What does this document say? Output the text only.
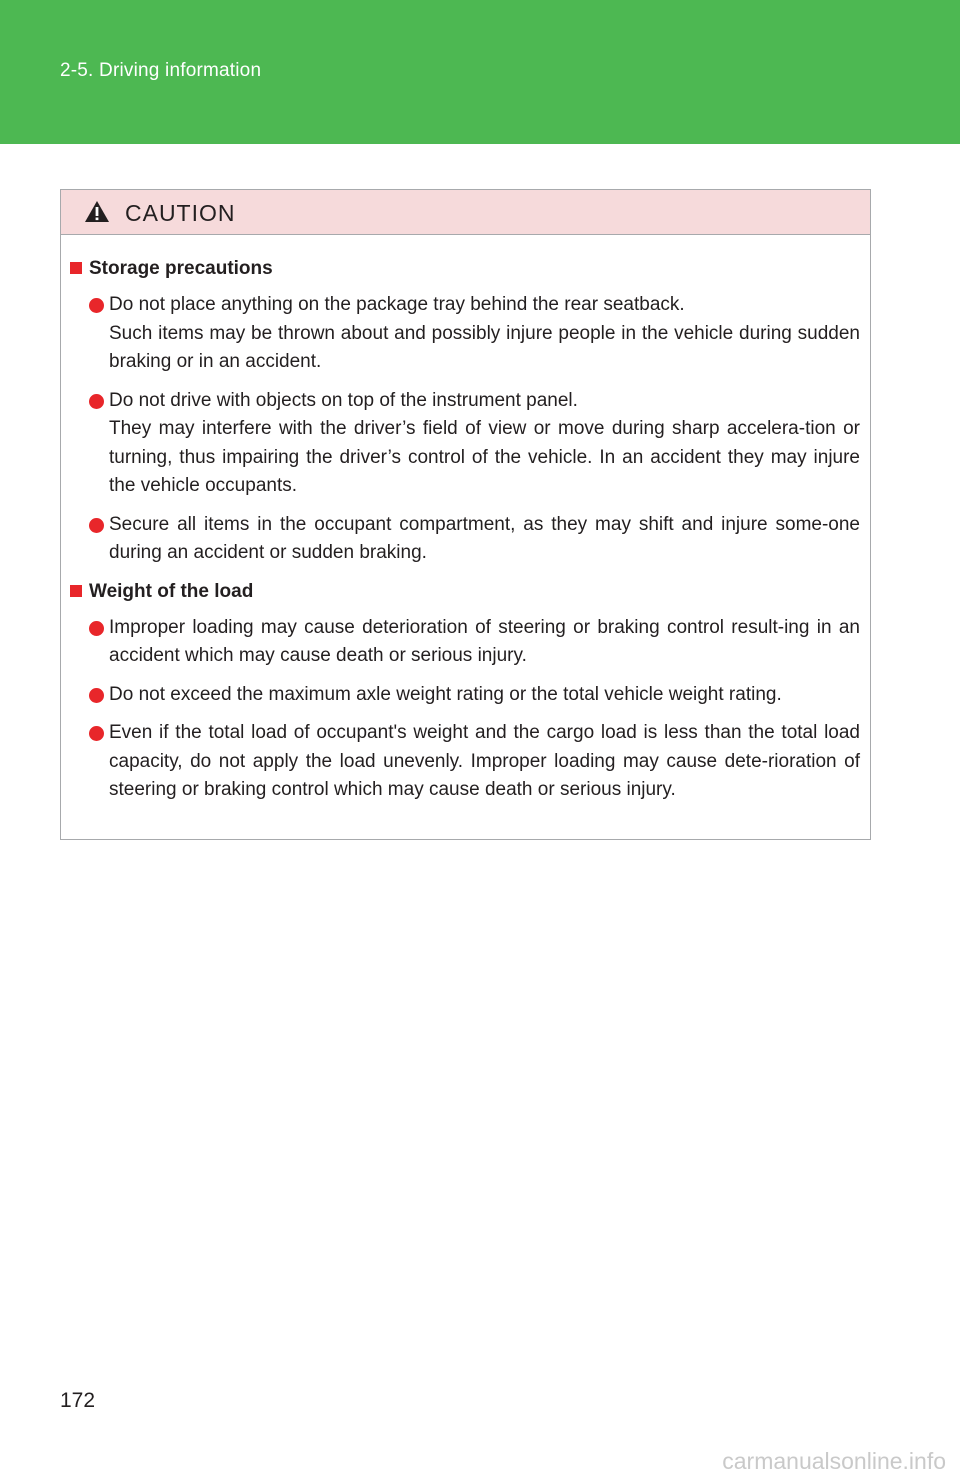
2-5. Driving information
CAUTION
Storage precautions
Do not place anything on the package tray behind the rear seatback.
Such items may be thrown about and possibly injure people in the vehicle during sudden braking or in an accident.
Do not drive with objects on top of the instrument panel.
They may interfere with the driver’s field of view or move during sharp accelera-tion or turning, thus impairing the driver’s control of the vehicle. In an accident they may injure the vehicle occupants.
Secure all items in the occupant compartment, as they may shift and injure some-one during an accident or sudden braking.
Weight of the load
Improper loading may cause deterioration of steering or braking control result-ing in an accident which may cause death or serious injury.
Do not exceed the maximum axle weight rating or the total vehicle weight rating.
Even if the total load of occupant's weight and the cargo load is less than the total load capacity, do not apply the load unevenly. Improper loading may cause dete-rioration of steering or braking control which may cause death or serious injury.
172
carmanualsonline.info
